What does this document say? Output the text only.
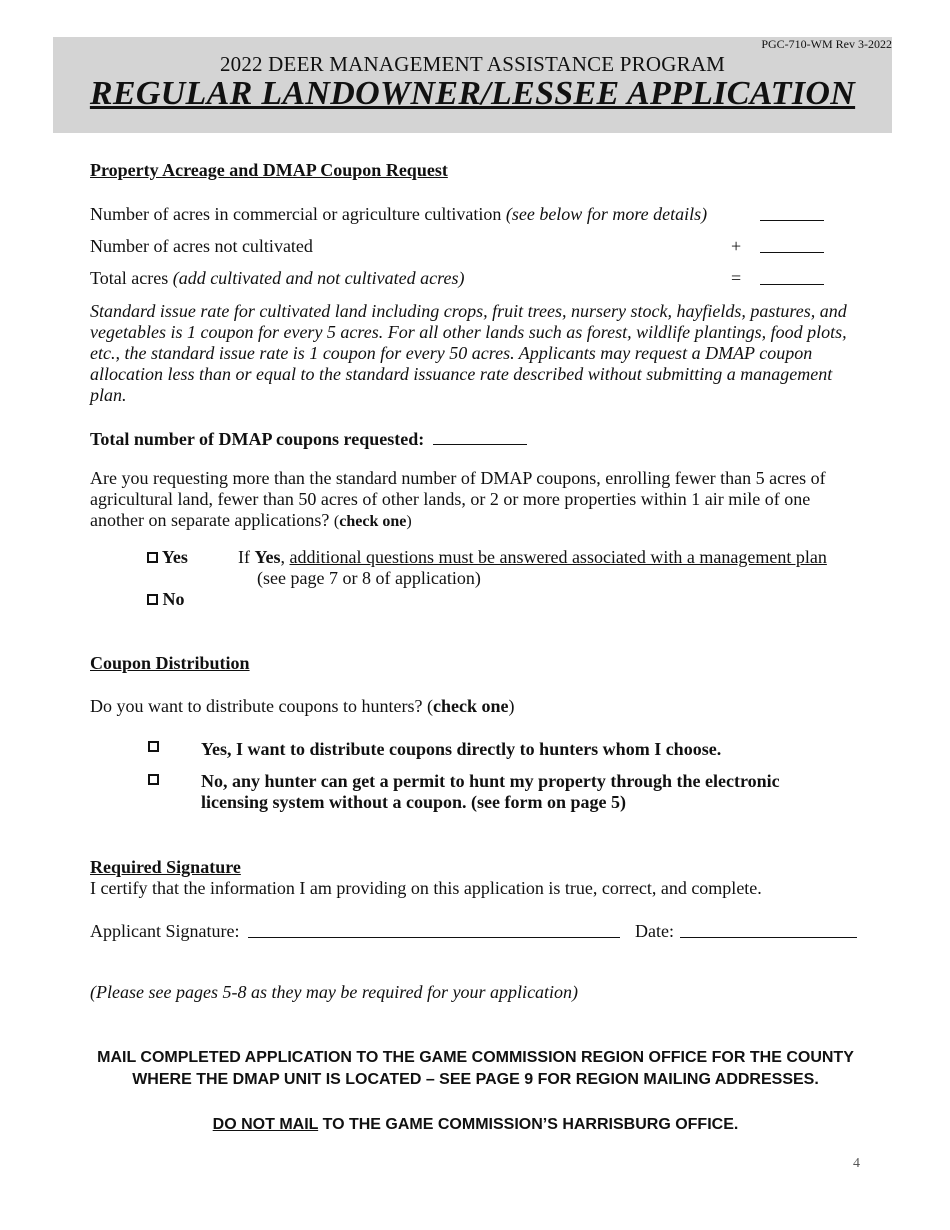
PGC-710-WM Rev 3-2022
2022 DEER MANAGEMENT ASSISTANCE PROGRAM
REGULAR LANDOWNER/LESSEE APPLICATION
Property Acreage and DMAP Coupon Request
Number of acres in commercial or agriculture cultivation (see below for more details)
Number of acres not cultivated	+
Total acres (add cultivated and not cultivated acres)	=
Standard issue rate for cultivated land including crops, fruit trees, nursery stock, hayfields, pastures, and vegetables is 1 coupon for every 5 acres. For all other lands such as forest, wildlife plantings, food plots, etc., the standard issue rate is 1 coupon for every 50 acres. Applicants may request a DMAP coupon allocation less than or equal to the standard issuance rate described without submitting a management plan.
Total number of DMAP coupons requested:
Are you requesting more than the standard number of DMAP coupons, enrolling fewer than 5 acres of agricultural land, fewer than 50 acres of other lands, or 2 or more properties within 1 air mile of one another on separate applications? (check one)
Yes	If Yes, additional questions must be answered associated with a management plan
(see page 7 or 8 of application)
No
Coupon Distribution
Do you want to distribute coupons to hunters? (check one)
Yes, I want to distribute coupons directly to hunters whom I choose.
No, any hunter can get a permit to hunt my property through the electronic
licensing system without a coupon. (see form on page 5)
Required Signature
I certify that the information I am providing on this application is true, correct, and complete.
Applicant Signature:	Date:
(Please see pages 5-8 as they may be required for your application)
MAIL COMPLETED APPLICATION TO THE GAME COMMISSION REGION OFFICE FOR THE COUNTY
WHERE THE DMAP UNIT IS LOCATED – SEE PAGE 9 FOR REGION MAILING ADDRESSES.
DO NOT MAIL TO THE GAME COMMISSION’S HARRISBURG OFFICE.
4
